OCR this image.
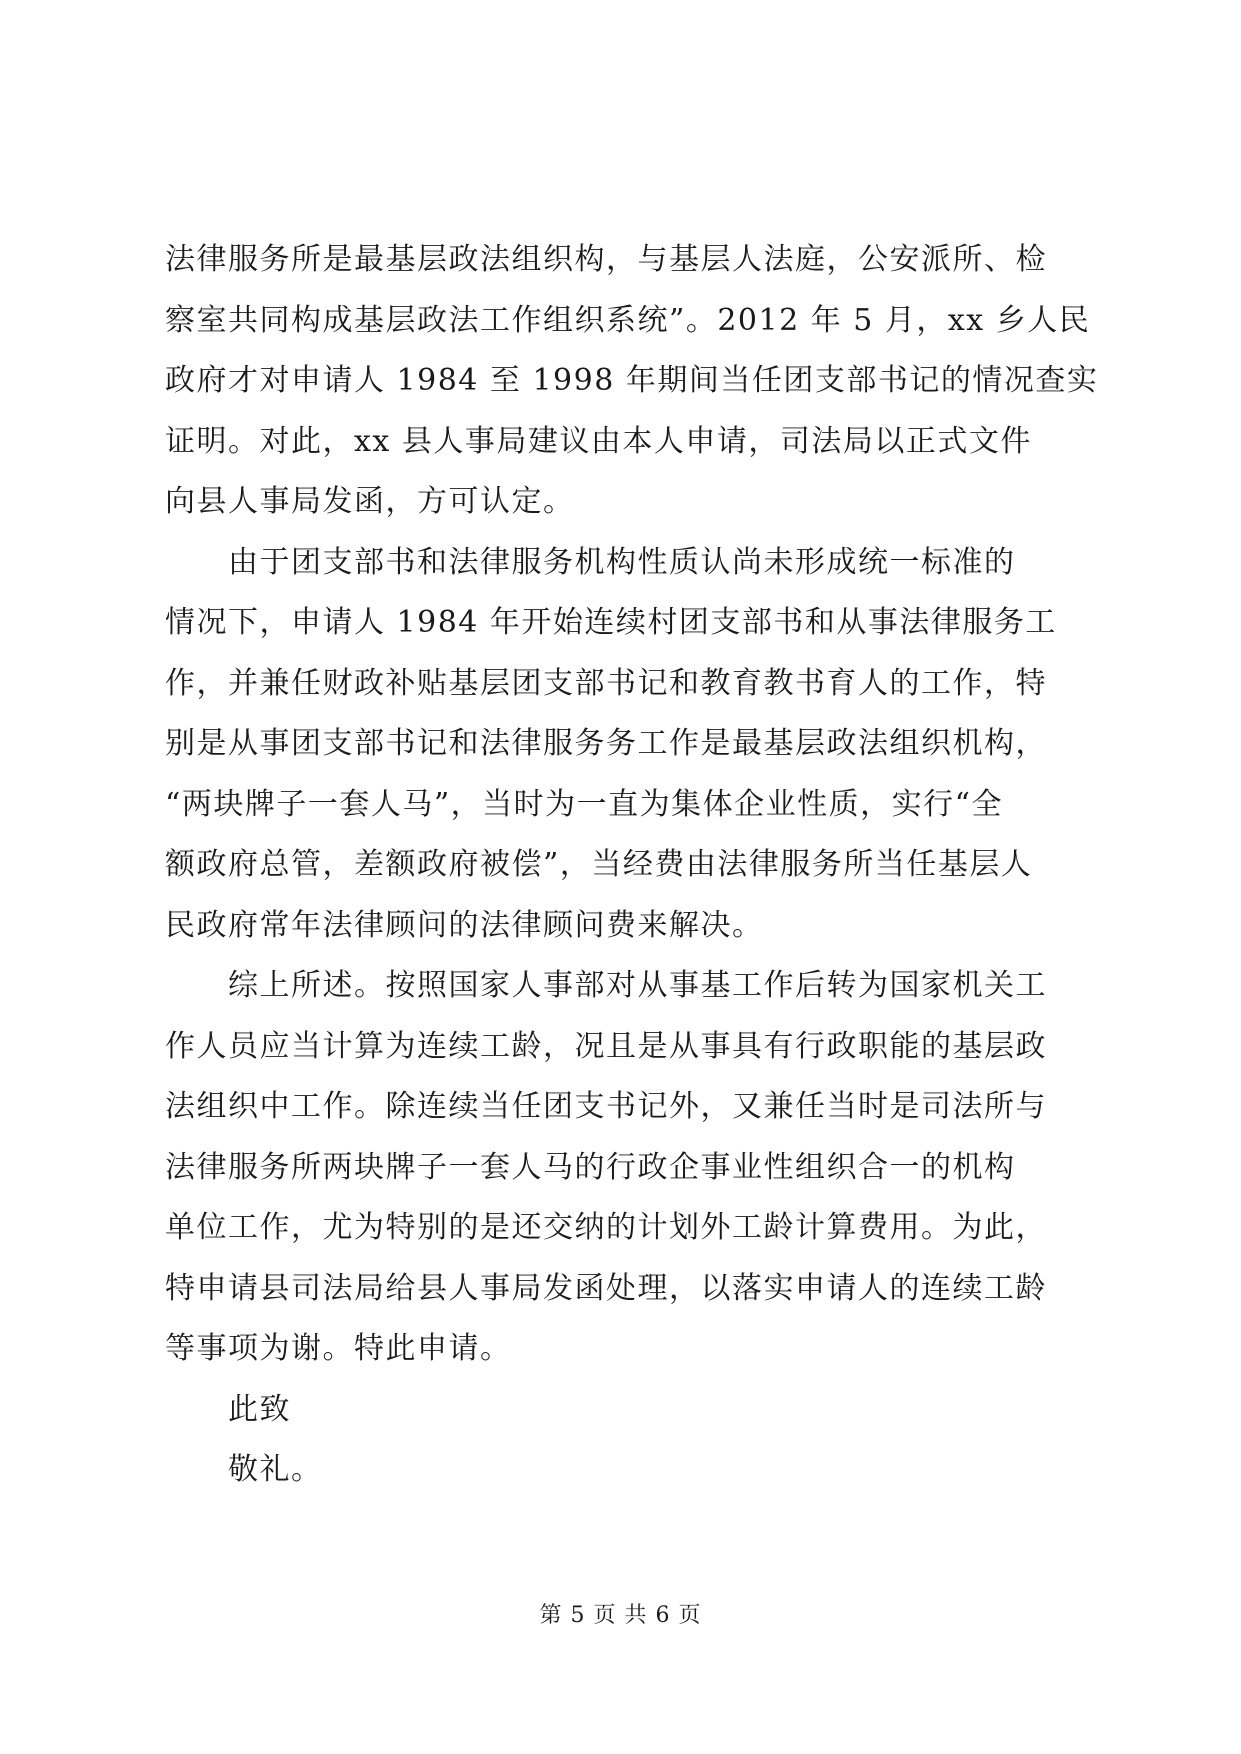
法律服务所是最基层政法组织构，与基层人法庭，公安派所、检
察室共同构成基层政法工作组织系统”。2012 年 5 月，xx 乡人民
政府才对申请人 1984 至 1998 年期间当任团支部书记的情况查实
证明。对此，xx 县人事局建议由本人申请，司法局以正式文件
向县人事局发函，方可认定。
　　由于团支部书和法律服务机构性质认尚未形成统一标准的
情况下，申请人 1984 年开始连续村团支部书和从事法律服务工
作，并兼任财政补贴基层团支部书记和教育教书育人的工作，特
别是从事团支部书记和法律服务务工作是最基层政法组织机构，
“两块牌子一套人马”，当时为一直为集体企业性质，实行“全
额政府总管，差额政府被偿”，当经费由法律服务所当任基层人
民政府常年法律顾问的法律顾问费来解决。
　　综上所述。按照国家人事部对从事基工作后转为国家机关工
作人员应当计算为连续工龄，况且是从事具有行政职能的基层政
法组织中工作。除连续当任团支书记外，又兼任当时是司法所与
法律服务所两块牌子一套人马的行政企事业性组织合一的机构
单位工作，尤为特别的是还交纳的计划外工龄计算费用。为此，
特申请县司法局给县人事局发函处理，以落实申请人的连续工龄
等事项为谢。特此申请。
　　此致
　　敬礼。
第 5 页 共 6 页
